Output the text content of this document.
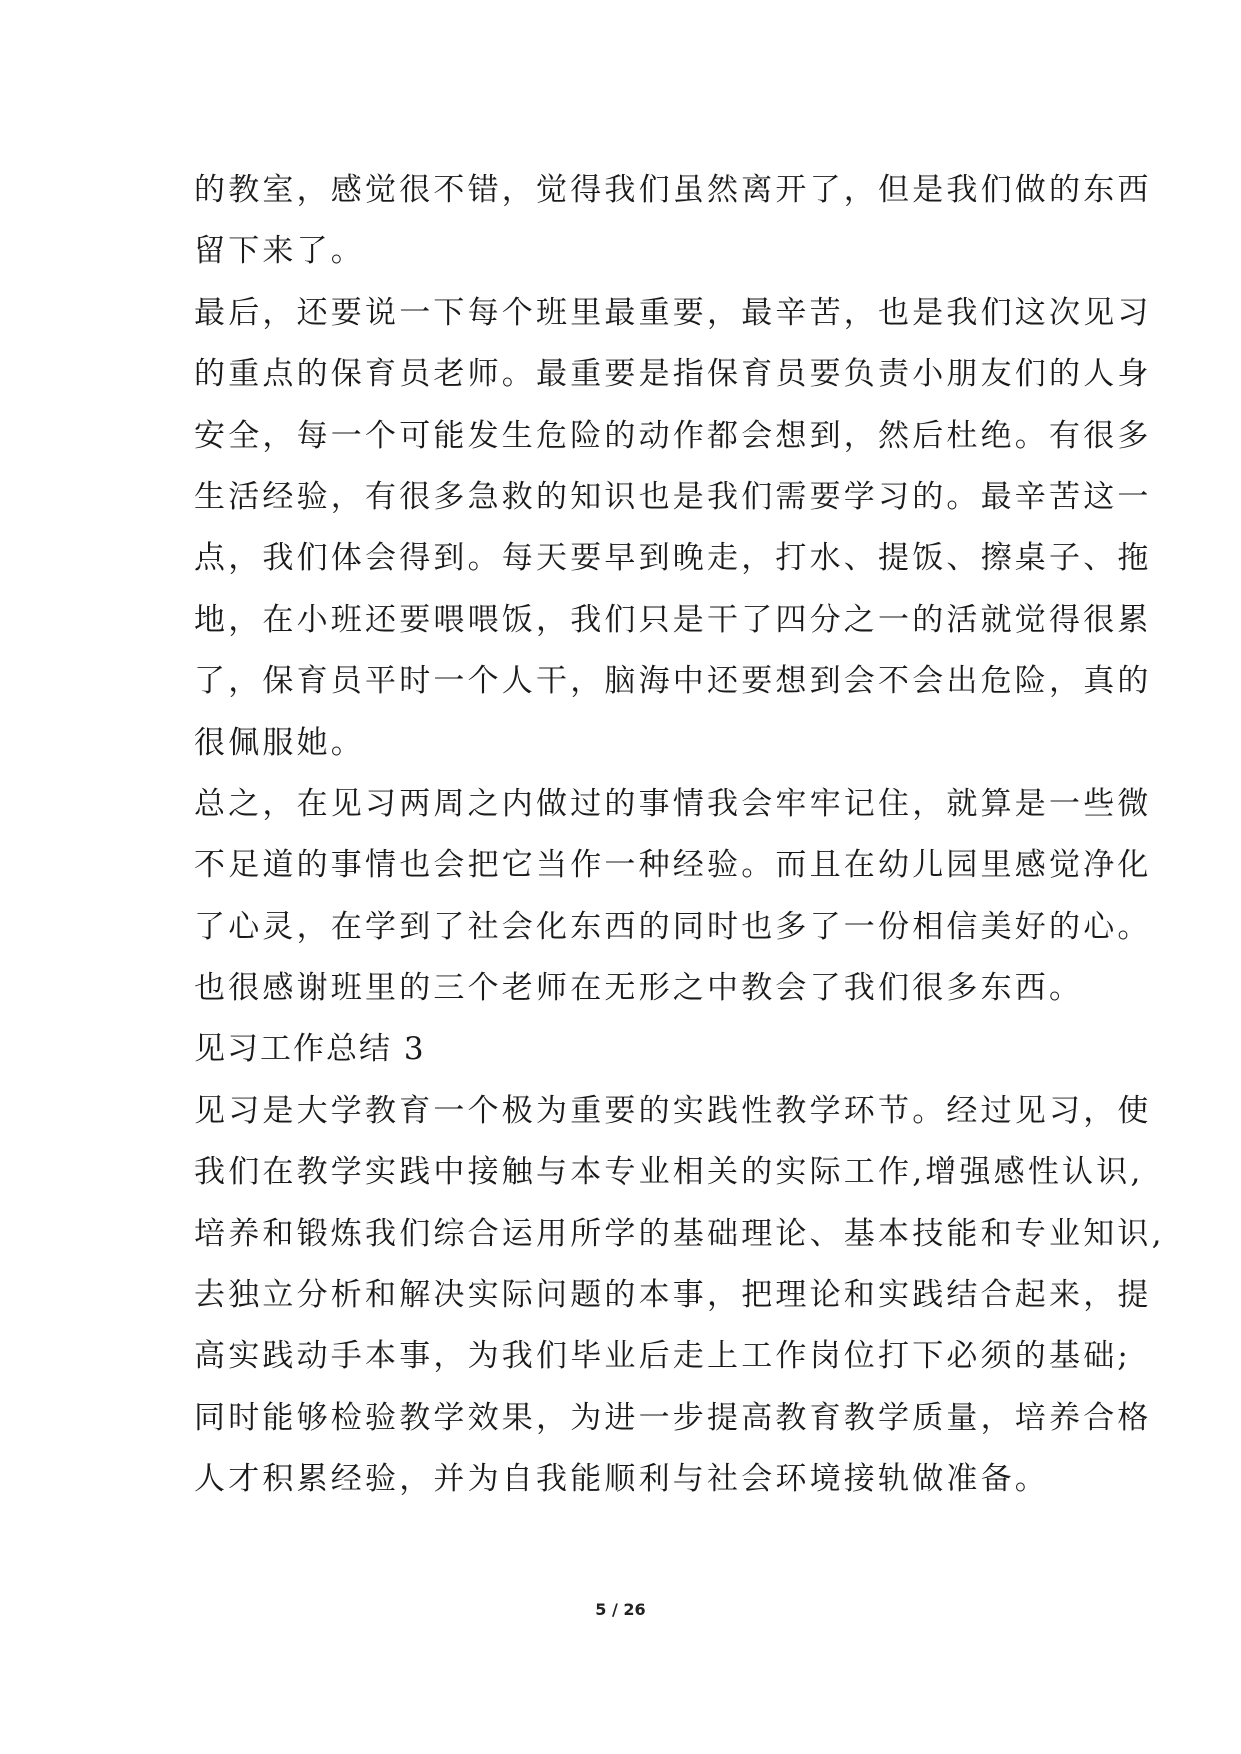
的教室，感觉很不错，觉得我们虽然离开了，但是我们做的东西
留下来了。
最后，还要说一下每个班里最重要，最辛苦，也是我们这次见习
的重点的保育员老师。最重要是指保育员要负责小朋友们的人身
安全，每一个可能发生危险的动作都会想到，然后杜绝。有很多
生活经验，有很多急救的知识也是我们需要学习的。最辛苦这一
点，我们体会得到。每天要早到晚走，打水、提饭、擦桌子、拖
地，在小班还要喂喂饭，我们只是干了四分之一的活就觉得很累
了，保育员平时一个人干，脑海中还要想到会不会出危险，真的
很佩服她。
总之，在见习两周之内做过的事情我会牢牢记住，就算是一些微
不足道的事情也会把它当作一种经验。而且在幼儿园里感觉净化
了心灵，在学到了社会化东西的同时也多了一份相信美好的心。
也很感谢班里的三个老师在无形之中教会了我们很多东西。
见习工作总结 3
见习是大学教育一个极为重要的实践性教学环节。经过见习，使
我们在教学实践中接触与本专业相关的实际工作,增强感性认识,
培养和锻炼我们综合运用所学的基础理论、基本技能和专业知识,
去独立分析和解决实际问题的本事，把理论和实践结合起来，提
高实践动手本事，为我们毕业后走上工作岗位打下必须的基础;
同时能够检验教学效果，为进一步提高教育教学质量，培养合格
人才积累经验，并为自我能顺利与社会环境接轨做准备。
5 / 26
